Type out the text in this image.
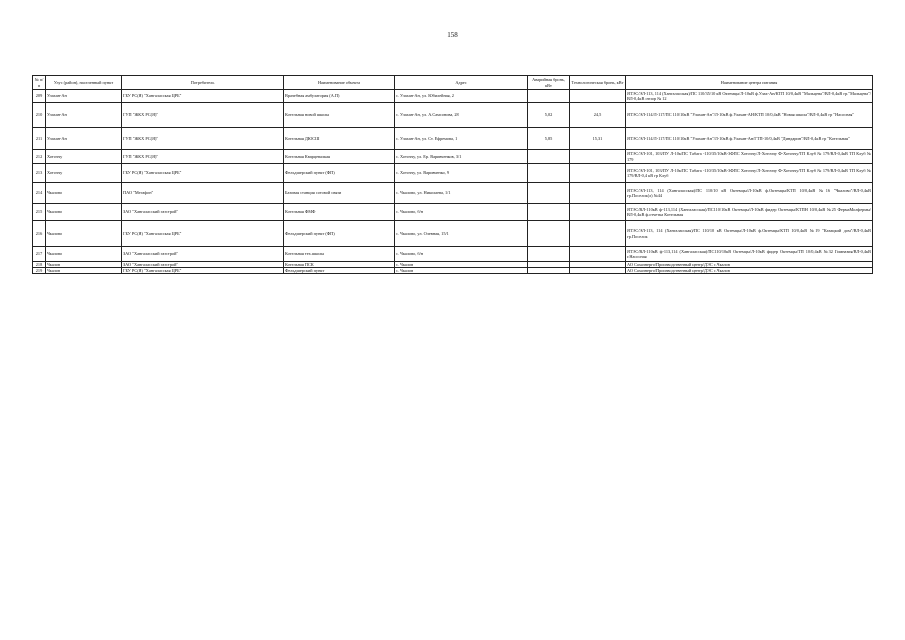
158
№ п/п	Улус (район), населенный пункт	Потребитель	Наименование объекта	Адрес	Аварийная бронь, кВт	Технологическая бронь, кВт	Наименование центра питания
209	Улахан-Ан	ГБУ РС(Я) "Хангаласская ЦРБ"	Врачебная амбулатория (А.П)	с. Улахан-Ан, ул. Юбилейная, 2			ЯТЭС/ЭЛ-113, 114 (Хангаласская)/ПС 110/35/10 кВ Октемцы/Л-10кВ ф.Улах-Ан/КТП 10/0,4кВ "Мальцева"/ВЛ-0,4кВ гр."Мальцева"/ВЛ-0,4кВ отпор № 12
210	Улахан-Ан	ГУП "ЖКХ РС(Я)"	Котельная новой школы	с. Улахан-Ан, ул. А.Самсонова, 28	5,02	24,5	ЯТЭС/ЭЛ-114/Л-117/ПС 110/10кВ "Улахан-Ан"/Л-10кВ ф.Улахан-АН/КТП 10/0,4кВ "Новая школа"/ВЛ-0,4кВ гр "Насосная"
211	Улахан-Ан	ГУП "ЖКХ РС(Я)"	Котельная ДЮСШ	с. Улахан-Ан, ул. Ст. Ефремова, 1	5,85	15,31	ЯТЭС/ЭЛ-114/Л-117/ПС 110/10кВ "Улахан-Ан"/Л-10кВ ф.Улахан-Ан/ГТП-10/0,4кВ "Диндарин"/ВЛ-0,4кВ гр "Котельная"
212	Хоточчу	ГУП "ЖКХ РС(Я)"	Котельная Кварцевалкая	с. Хоточчу, ул. Ер. Варивченков, 3/1			ЯТЭС/ЭЛ-101, 103/ПУ Л-10к/ПС Табага -110/35/10кВ-3ФПС Хоточчу/Л-Хоточчу Ф-Хоточчу/ТП Клуб № 179/ВЛ-0,4кВ ТП Клуб № 179
213	Хоточчу	ГБУ РС(Я) "Хангаласская ЦРБ"	Фельдшерский пункт (ФП)	с. Хоточчу, ул. Варивченко, 9			ЯТЭС/ЭЛ-101, 103/ПУ Л-10к/ПС Табага -110/35/10кВ-3ФПС Хоточчу/Л-Хоточчу Ф-Хоточчу/ТП Клуб № 179/ВЛ-0,4кВ ТП Клуб № 179/ВЛ-0,4 кВ гр Клуб
214	Чкалово	ПАО "Мегафон"	Базовая станция сотовой связи	с. Чкалово, ул. Николаева, 1/1			ЯТЭС/ЭЛ-113, 114 (Хангаласская)/ПС 110/10 кВ Октемцы/Л-10кВ ф.Октемцы/КТП 10/0,4кВ №16 "Чкалово"/ВЛ-0,4кВ гр.Поселок(л) №44
215	Чкалово	ЗАО "Хангаласский газстрой"	Котельная ФМФ	с. Чкалово, б/н			ЯТЭС/ВЛ-110кВ ф-113,114 (Хангаласская)/ПС110/10кВ Октемцы/Л-10кВ фидер Октемцы/КТПН 10/0,4кВ №25 ФермаМолфермы/ВЛ-0,4кВ ф.отчетка Котельная
216	Чкалово	ГБУ РС(Я) "Хангаласская ЦРБ"	Фельдшерский пункт (ФП)	с. Чкалово, ул. Олевная, 15/1			ЯТЭС/ЭЛ-113, 114 (Хангаласская)/ПС 110/10 кВ Октемцы/Л-10кВ ф.Октемцы/КТП 10/0,4кВ №19 "Казацкий дом"/ВЛ-0,4кВ гр.Поселок
217	Чкалово	ЗАО "Хангаласский газстрой"	Котельная тех.школы	с. Чкалово, б/н			ЯТЭС/ВЛ-110кВ ф-113,114 (Хангаласская)/ПС110/10кВ Октемцы/Л-10кВ фидер Октемцы/ТП 10/0,4кВ №32 Гимназия/ВЛ-0,4кВ г.Насосная
218	Чкалов	ЗАО "Хангаласский газстрой"	Котельная ПСК	с. Чкалов			АО Сахаэнерго/Производственный центр/ДЭС с.Чкалов
219	Чкалов	ГБУ РС(Я) "Хангаласская ЦРБ"	Фельдшерский пункт	с. Чкалов			АО Сахаэнерго/Производственный центр/ДЭС с.Чкалов
